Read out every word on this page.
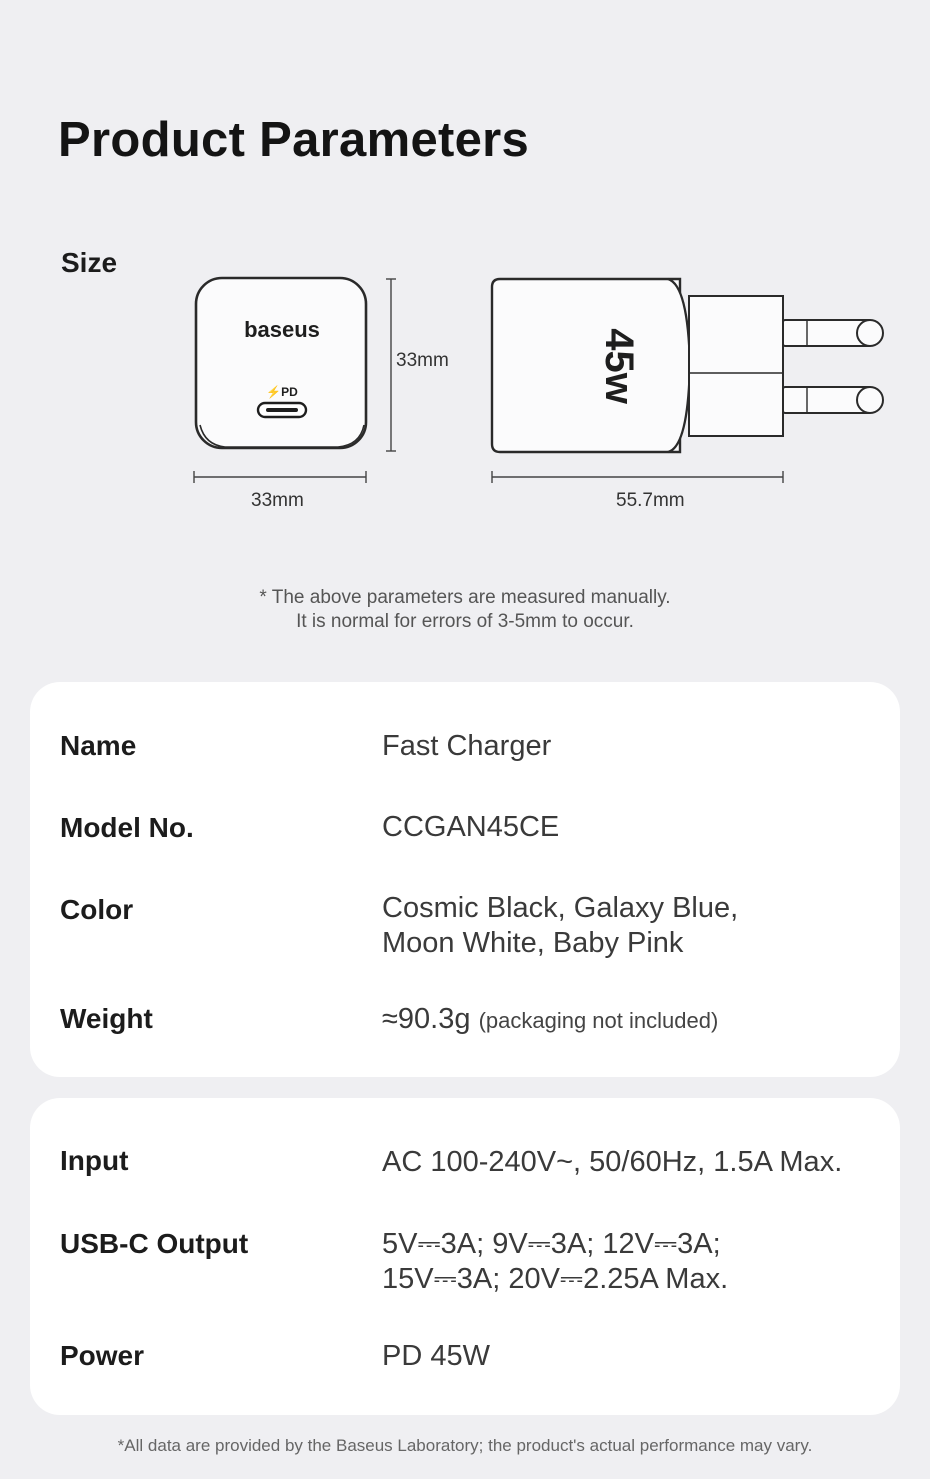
Product Parameters
Size
baseus
⚡PD	45w
33mm
33mm	55.7mm
* The above parameters are measured manually.
It is normal for errors of 3-5mm to occur.
Name	Fast Charger
Model No.	CCGAN45CE
Color	Cosmic Black, Galaxy Blue,
Moon White, Baby Pink
Weight	≈90.3g (packaging not included)
Input	AC 100-240V~, 50/60Hz, 1.5A Max.
USB-C Output	5V⎓3A; 9V⎓3A; 12V⎓3A;
15V⎓3A; 20V⎓2.25A Max.
Power	PD 45W
*All data are provided by the Baseus Laboratory; the product's actual performance may vary.
